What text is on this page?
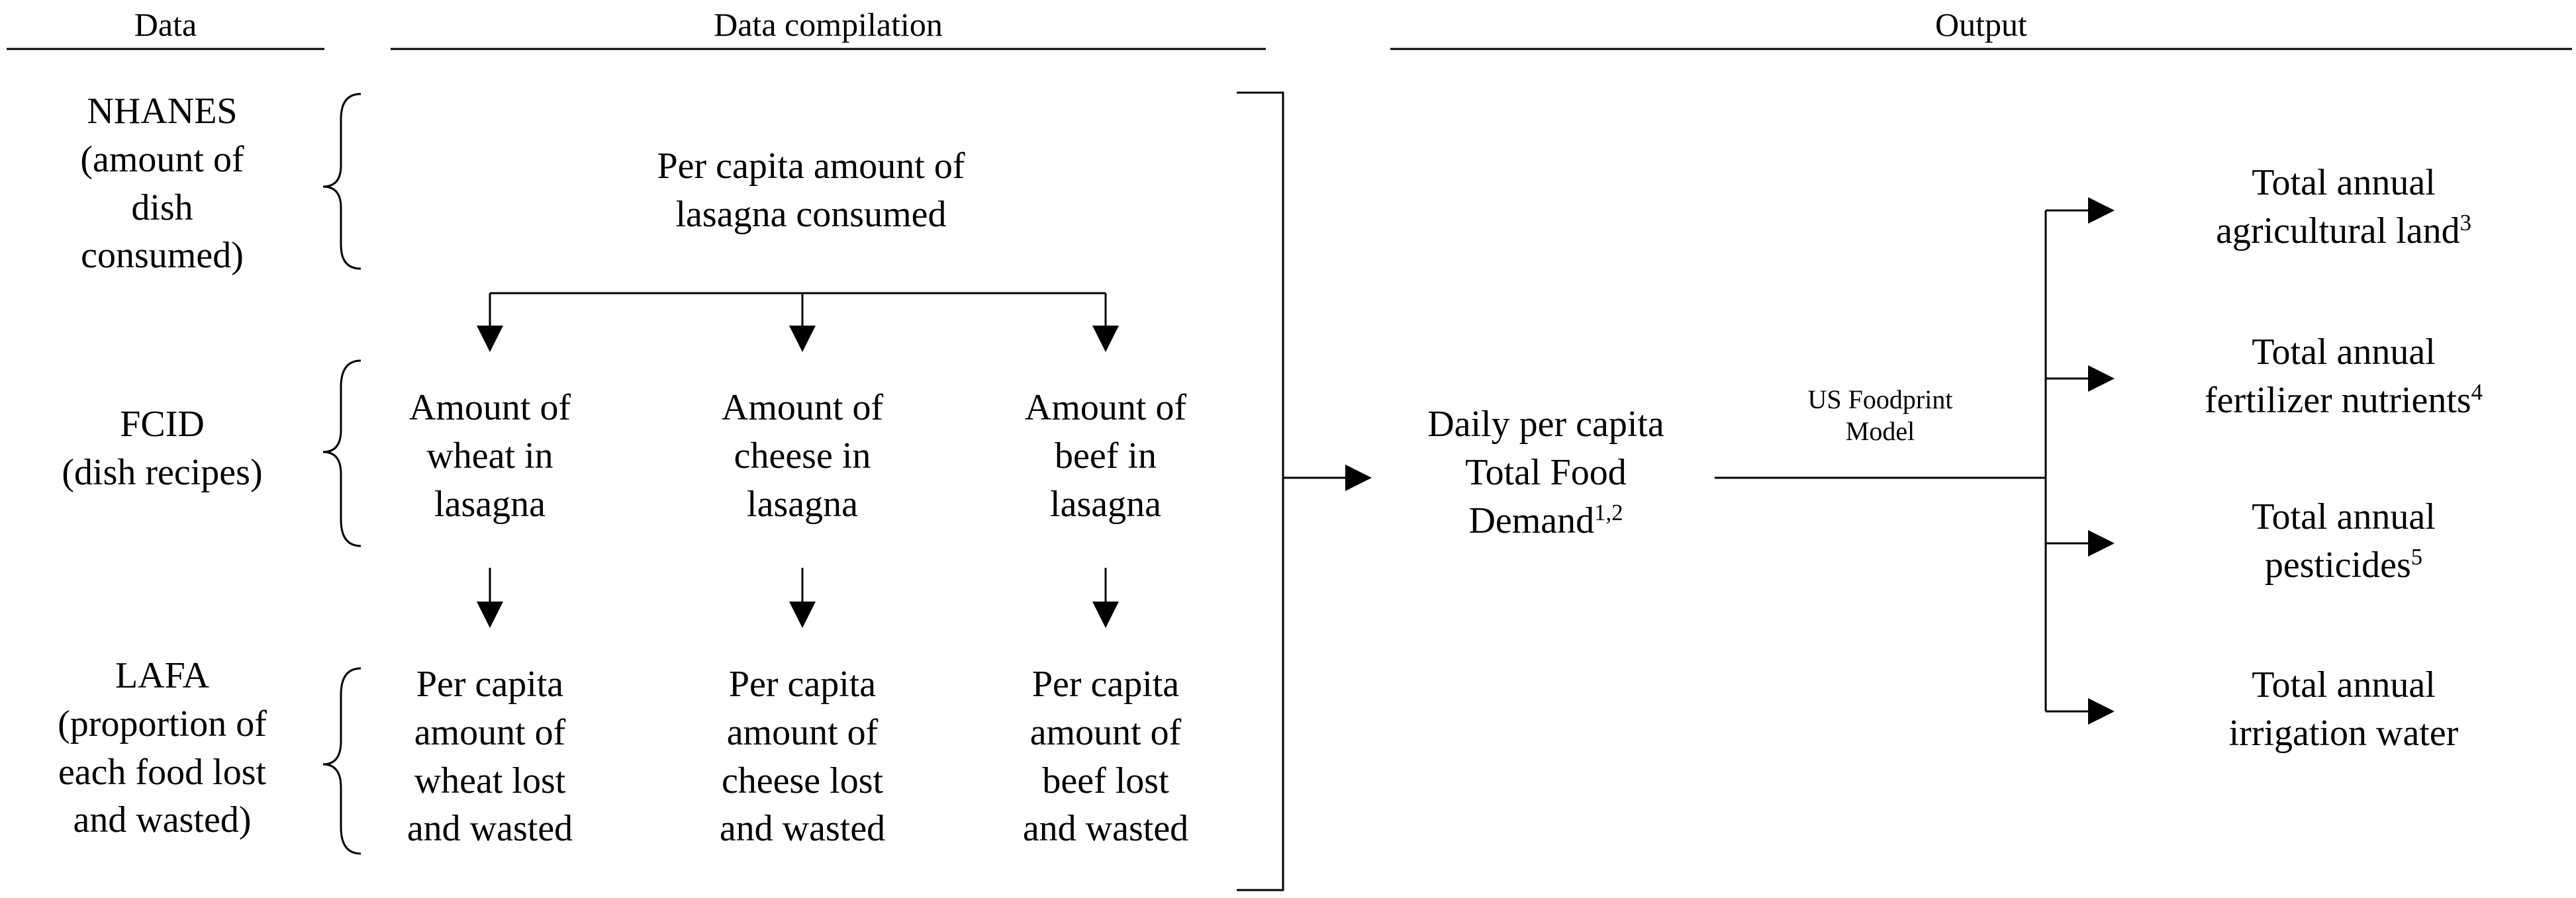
Data	Data compilation	Output
NHANES
(amount of
dish
consumed)
FCID
(dish recipes)
LAFA
(proportion of
each food lost
and wasted)
Per capita amount of
lasagna consumed
Amount of
wheat in
lasagna
Amount of
cheese in
lasagna
Amount of
beef in
lasagna
Per capita
amount of
wheat lost
and wasted
Per capita
amount of
cheese lost
and wasted
Per capita
amount of
beef lost
and wasted
Daily per capita
Total Food
Demand$^{1,2}$
US Foodprint
Model
Total annual
agricultural land$^3$
Total annual
fertilizer nutrients$^4$
Total annual
pesticides$^5$
Total annual
irrigation water
